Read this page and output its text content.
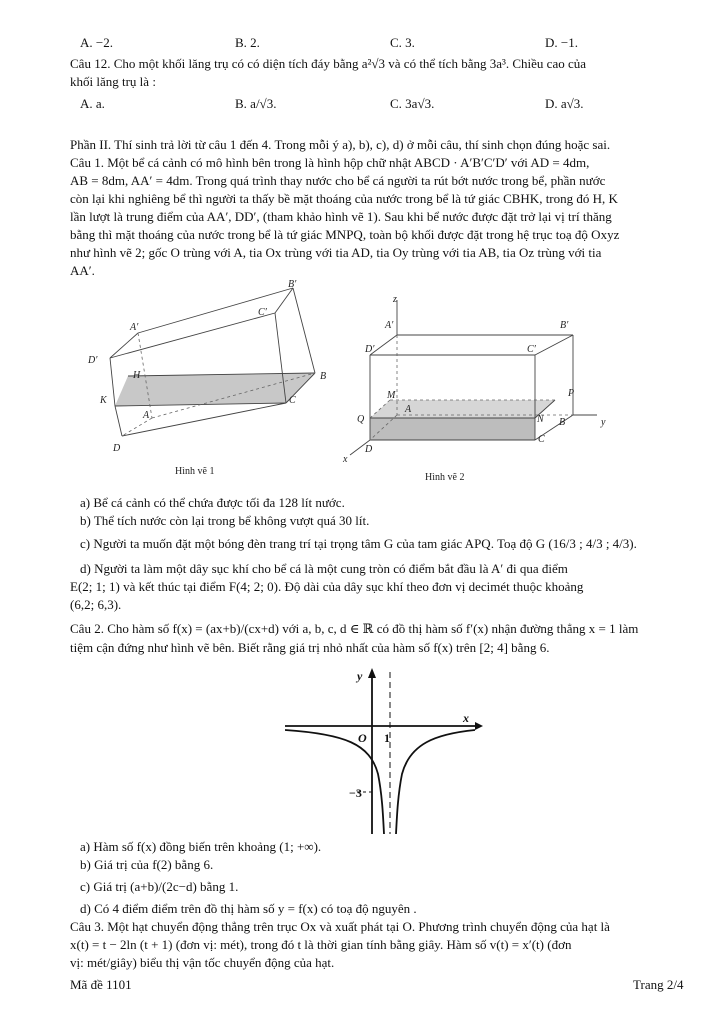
A. −2.	B. 2.	C. 3.	D. −1.
Câu 12. Cho một khối lăng trụ có có diện tích đáy bằng a²√3 và có thể tích bằng 3a³. Chiều cao của
khối lăng trụ là :
A. a.	B. a/√3.	C. 3a√3.	D. a√3.
Phần II. Thí sinh trả lời từ câu 1 đến 4. Trong mỗi ý a), b), c), d) ở mỗi câu, thí sinh chọn đúng hoặc sai.
Câu 1. Một bể cá cảnh có mô hình bên trong là hình hộp chữ nhật ABCD · A′B′C′D′ với AD = 4dm,
AB = 8dm, AA′ = 4dm. Trong quá trình thay nước cho bể cá người ta rút bớt nước trong bể, phần nước
còn lại khi nghiêng bể thì người ta thấy bề mặt thoáng của nước trong bể là tứ giác CBHK, trong đó H, K
lần lượt là trung điểm của AA′, DD′, (tham khảo hình vẽ 1). Sau khi bể nước được đặt trở lại vị trí thăng
bằng thì mặt thoáng của nước trong bể là tứ giác MNPQ, toàn bộ khối được đặt trong hệ trục toạ độ Oxyz
như hình vẽ 2; gốc O trùng với A, tia Ox trùng với tia AD, tia Oy trùng với tia AB, tia Oz trùng với tia
AA′.
B′
C′
A′
D′
H	B
K	C
A
D
Hình vẽ 1
z
A′	B′
D′	C′
M	P
A
Q	N B	y
D
C
x
Hình vẽ 2
a) Bể cá cảnh có thể chứa được tối đa 128 lít nước.
b) Thể tích nước còn lại trong bể không vượt quá 30 lít.
c) Người ta muốn đặt một bóng đèn trang trí tại trọng tâm G của tam giác APQ. Toạ độ G (16/3 ; 4/3 ; 4/3).
d) Người ta làm một dây sục khí cho bể cá là một cung tròn có điểm bắt đầu là A′ đi qua điểm
E(2; 1; 1) và kết thúc tại điểm F(4; 2; 0). Độ dài của dây sục khí theo đơn vị decimét thuộc khoảng
(6,2; 6,3).
Câu 2. Cho hàm số f(x) = (ax+b)/(cx+d) với a, b, c, d ∈ ℝ có đồ thị hàm số f′(x) nhận đường thẳng x = 1 làm
tiệm cận đứng như hình vẽ bên. Biết rằng giá trị nhỏ nhất của hàm số f(x) trên [2; 4] bằng 6.
y
x
O 1
−3
a) Hàm số f(x) đồng biến trên khoảng (1; +∞).
b) Giá trị của f(2) bằng 6.
c) Giá trị (a+b)/(2c−d) bằng 1.
d) Có 4 điểm điểm trên đồ thị hàm số y = f(x) có toạ độ nguyên .
Câu 3. Một hạt chuyển động thẳng trên trục Ox và xuất phát tại O. Phương trình chuyển động của hạt là
x(t) = t − 2ln (t + 1) (đơn vị: mét), trong đó t là thời gian tính bằng giây. Hàm số v(t) = x′(t) (đơn
vị: mét/giây) biểu thị vận tốc chuyển động của hạt.
Mã đề 1101	Trang 2/4
